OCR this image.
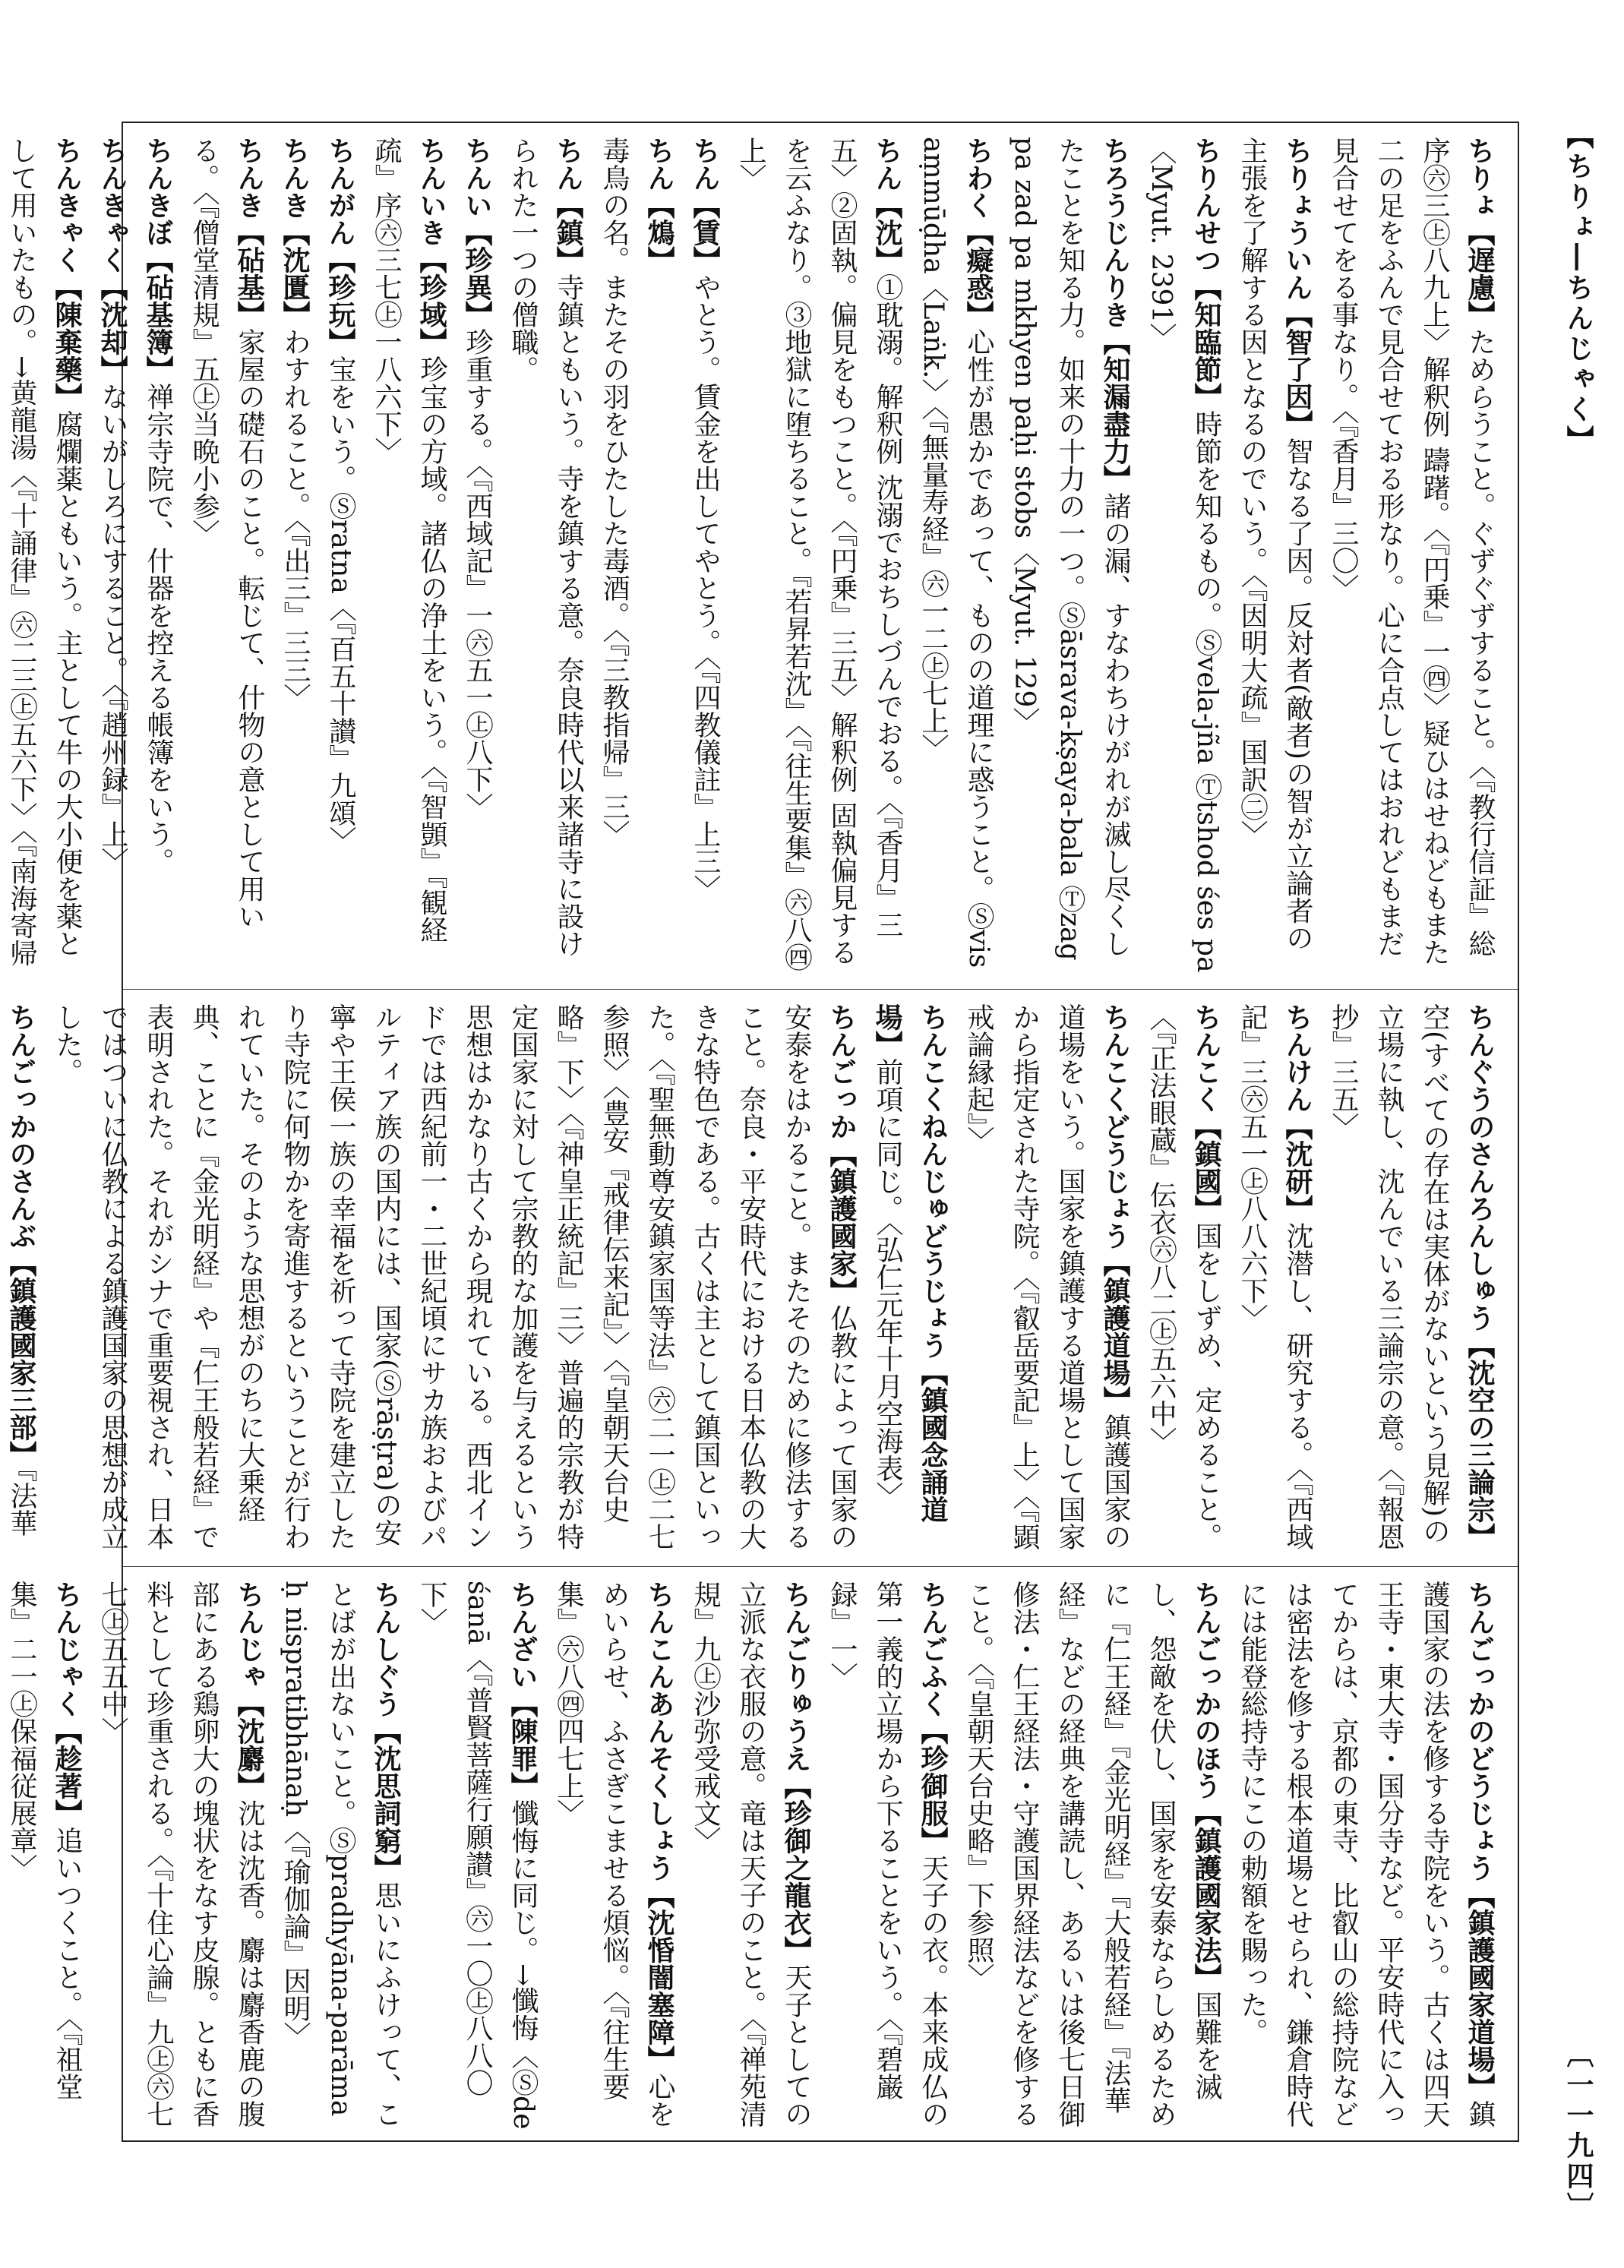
【ちりょ―ちんじゃく】
〔一一九四〕

ちりょ【遅慮】ためらうこと。ぐずぐずすること。〈『教行信証』総序㊅三㊤八九上〉解釈例 躊躇。〈『円乗』一㊃〉疑ひはせねどもまた二の足をふんで見合せておる形なり。心に合点してはおれどもまだ見合せてをる事なり。〈『香月』三〇〉

ちりょういん【智了因】智なる了因。反対者(敵者)の智が立論者の主張を了解する因となるのでいう。〈『因明大疏』国訳㊁〉

ちりんせつ【知臨節】時節を知るもの。Ⓢvela-jña Ⓣtshod śes pa〈Myut. 2391〉

ちろうじんりき【知漏盡力】諸の漏、すなわちけがれが滅し尽くしたことを知る力。如来の十力の一つ。Ⓢāsrava-kṣaya-bala Ⓣzag pa zad pa mkhyen paḥi stobs〈Myut. 129〉

ちわく【癡惑】心性が愚かであって、ものの道理に惑うこと。Ⓢvisaṃmūḍha〈Laṅk.〉〈『無量寿経』㊅一二㊤七上〉

ちん【沈】①耽溺。解釈例 沈溺でおちしづんでおる。〈『香月』三五〉②固執。偏見をもつこと。〈『円乗』三五〉解釈例 固執偏見するを云ふなり。③地獄に堕ちること。『若昇若沈』〈『往生要集』㊅八㊃上〉

ちん【賃】やとう。賃金を出してやとう。〈『四教儀註』上三〉

ちん【鴆】毒鳥の名。またその羽をひたした毒酒。〈『三教指帰』三〉

ちん【鎮】寺鎮ともいう。寺を鎮する意。奈良時代以来諸寺に設けられた一つの僧職。

ちんい【珍異】珍重する。〈『西域記』一㊅五一㊤八下〉

ちんいき【珍域】珍宝の方域。諸仏の浄土をいう。〈『智顗』『観経疏』序㊅三七㊤一八六下〉

ちんがん【珍玩】宝をいう。Ⓢratna〈『百五十讃』九頌〉

ちんき【沈匱】わすれること。〈『出三』三三〉

ちんき【砧基】家屋の礎石のこと。転じて、什物の意として用いる。〈『僧堂清規』五㊤当晩小参〉

ちんきぼ【砧基簿】禅宗寺院で、什器を控える帳簿をいう。

ちんきゃく【沈却】ないがしろにすること。〈『趙州録』上〉

ちんきゃく【陳棄藥】腐爛薬ともいう。主として牛の大小便を薬として用いたもの。→黄龍湯〈『十誦律』㊅二三㊤五六下〉〈『南海寄帰

ちんぐうのさんろんしゅう【沈空の三論宗】空(すべての存在は実体がないという見解)の立場に執し、沈んでいる三論宗の意。〈『報恩抄』三五〉

ちんけん【沈研】沈潜し、研究する。〈『西域記』三㊅五一㊤八八六下〉

ちんこく【鎮國】国をしずめ、定めること。〈『正法眼蔵』伝衣㊅八二㊤五六中〉

ちんこくどうじょう【鎮護道場】鎮護国家の道場をいう。国家を鎮護する道場として国家から指定された寺院。〈『叡岳要記』上〉〈『顕戒論縁起』〉

ちんこくねんじゅどうじょう【鎮國念誦道場】前項に同じ。〈弘仁元年十月空海表〉

ちんごっか【鎮護國家】仏教によって国家の安泰をはかること。またそのために修法すること。奈良・平安時代における日本仏教の大きな特色である。古くは主として鎮国といった。〈『聖無動尊安鎮家国等法』㊅二一㊤二七参照〉〈豊安『戒律伝来記』〉〈『皇朝天台史略』下〉〈『神皇正統記』三〉普遍的宗教が特定国家に対して宗教的な加護を与えるという思想はかなり古くから現れている。西北インドでは西紀前一・二世紀頃にサカ族およびパルティア族の国内には、国家(Ⓢrāṣṭra)の安寧や王侯一族の幸福を祈って寺院を建立したり寺院に何物かを寄進するということが行われていた。そのような思想がのちに大乗経典、ことに『金光明経』や『仁王般若経』で表明された。それがシナで重要視され、日本ではついに仏教による鎮護国家の思想が成立した。

ちんごっかのさんぶ【鎮護國家三部】『法華

ちんごっかのどうじょう【鎮護國家道場】鎮護国家の法を修する寺院をいう。古くは四天王寺・東大寺・国分寺など。平安時代に入ってからは、京都の東寺、比叡山の総持院などは密法を修する根本道場とせられ、鎌倉時代には能登総持寺にこの勅額を賜った。

ちんごっかのほう【鎮護國家法】国難を滅し、怨敵を伏し、国家を安泰ならしめるために『仁王経』『金光明経』『大般若経』『法華経』などの経典を講読し、あるいは後七日御修法・仁王経法・守護国界経法などを修すること。〈『皇朝天台史略』下参照〉

ちんごふく【珍御服】天子の衣。本来成仏の第一義的立場から下ることをいう。〈『碧巌録』一〉

ちんごりゅうえ【珍御之龍衣】天子としての立派な衣服の意。竜は天子のこと。〈『禅苑清規』九㊤沙弥受戒文〉

ちんこんあんそくしょう【沈惛闇塞障】心をめいらせ、ふさぎこませる煩悩。〈『往生要集』㊅八㊃四七上〉

ちんざい【陳罪】懺悔に同じ。→懺悔〈Ⓢdeśanā〈『普賢菩薩行願讃』㊅一〇㊤八八〇下〉

ちんしぐう【沈思詞窮】思いにふけって、ことばが出ないこと。Ⓢpradhyāna-parāmaḥ nispratibhānaḥ〈『瑜伽論』因明〉

ちんじゃ【沈麝】沈は沈香。麝は麝香鹿の腹部にある鶏卵大の塊状をなす皮腺。ともに香料として珍重される。〈『十住心論』九㊤㊅七七㊤五五中〉

ちんじゃく【趁著】追いつくこと。〈『祖堂集』二一㊤保福従展章〉
